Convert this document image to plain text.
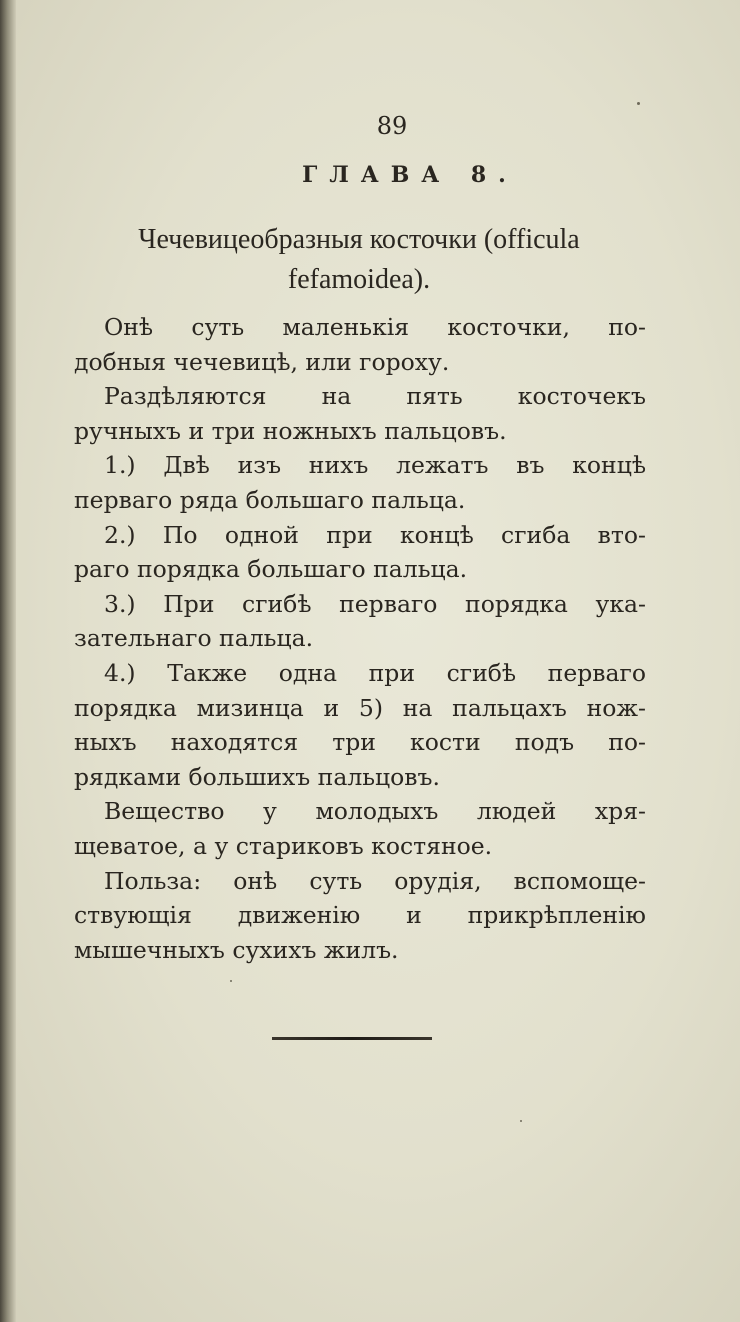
89
ГЛАВА 8.
Чечевицеобразныя косточки (officula
fefamoidea).
Онѣ суть маленькія косточки, по-
добныя чечевицѣ, или гороху.
Раздѣляются на пять косточекъ
ручныхъ и три ножныхъ пальцовъ.
1.) Двѣ изъ нихъ лежатъ въ концѣ
перваго ряда большаго пальца.
2.) По одной при концѣ сгиба вто-
раго порядка большаго пальца.
3.) При сгибѣ перваго порядка ука-
зательнаго пальца.
4.) Также одна при сгибѣ перваго
порядка мизинца и 5) на пальцахъ нож-
ныхъ находятся три кости подъ по-
рядками большихъ пальцовъ.
Вещество у молодыхъ людей хря-
щеватое, а у стариковъ костяное.
Польза: онѣ суть орудія, вспомоще-
ствующія движенію и прикрѣпленію
мышечныхъ сухихъ жилъ.
